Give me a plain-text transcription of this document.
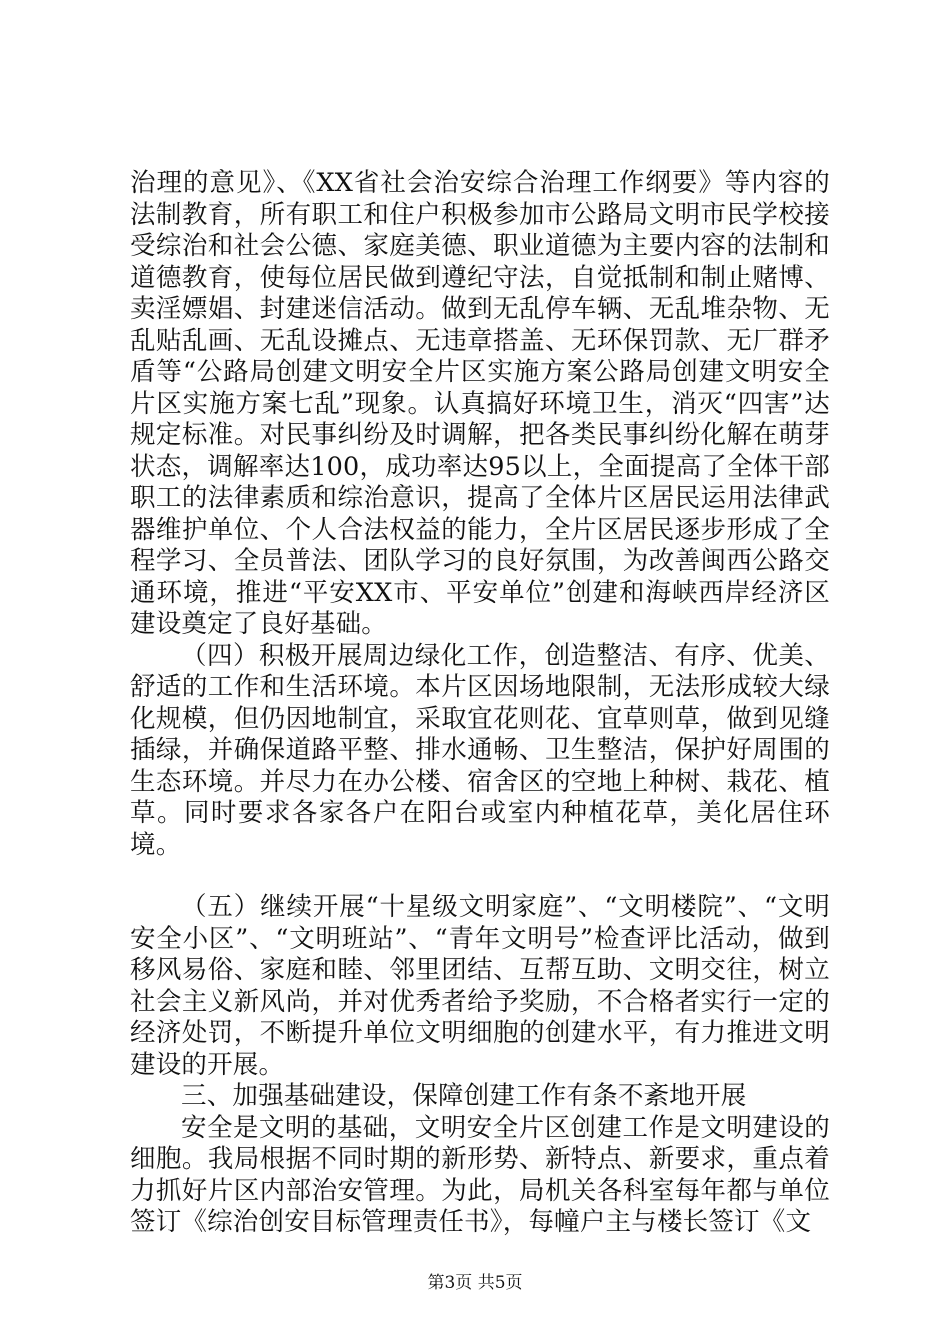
治理的意见》、《XX省社会治安综合治理工作纲要》等内容的法制教育，所有职工和住户积极参加市公路局文明市民学校接受综治和社会公德、家庭美德、职业道德为主要内容的法制和道德教育，使每位居民做到遵纪守法，自觉抵制和制止赌博、卖淫嫖娼、封建迷信活动。做到无乱停车辆、无乱堆杂物、无乱贴乱画、无乱设摊点、无违章搭盖、无环保罚款、无厂群矛盾等“公路局创建文明安全片区实施方案公路局创建文明安全片区实施方案七乱”现象。认真搞好环境卫生，消灭“四害”达规定标准。对民事纠纷及时调解，把各类民事纠纷化解在萌芽状态，调解率达100，成功率达95以上，全面提高了全体干部职工的法律素质和综治意识，提高了全体片区居民运用法律武器维护单位、个人合法权益的能力，全片区居民逐步形成了全程学习、全员普法、团队学习的良好氛围，为改善闽西公路交通环境，推进“平安XX市、平安单位”创建和海峡西岸经济区建设奠定了良好基础。

（四）积极开展周边绿化工作，创造整洁、有序、优美、舒适的工作和生活环境。本片区因场地限制，无法形成较大绿化规模，但仍因地制宜，采取宜花则花、宜草则草，做到见缝插绿，并确保道路平整、排水通畅、卫生整洁，保护好周围的生态环境。并尽力在办公楼、宿舍区的空地上种树、栽花、植草。同时要求各家各户在阳台或室内种植花草，美化居住环境。

（五）继续开展“十星级文明家庭”、“文明楼院”、“文明安全小区”、“文明班站”、“青年文明号”检查评比活动，做到移风易俗、家庭和睦、邻里团结、互帮互助、文明交往，树立社会主义新风尚，并对优秀者给予奖励，不合格者实行一定的经济处罚，不断提升单位文明细胞的创建水平，有力推进文明建设的开展。

三、加强基础建设，保障创建工作有条不紊地开展

安全是文明的基础，文明安全片区创建工作是文明建设的细胞。我局根据不同时期的新形势、新特点、新要求，重点着力抓好片区内部治安管理。为此，局机关各科室每年都与单位签订《综治创安目标管理责任书》，每幢户主与楼长签订《文

第3页 共5页
